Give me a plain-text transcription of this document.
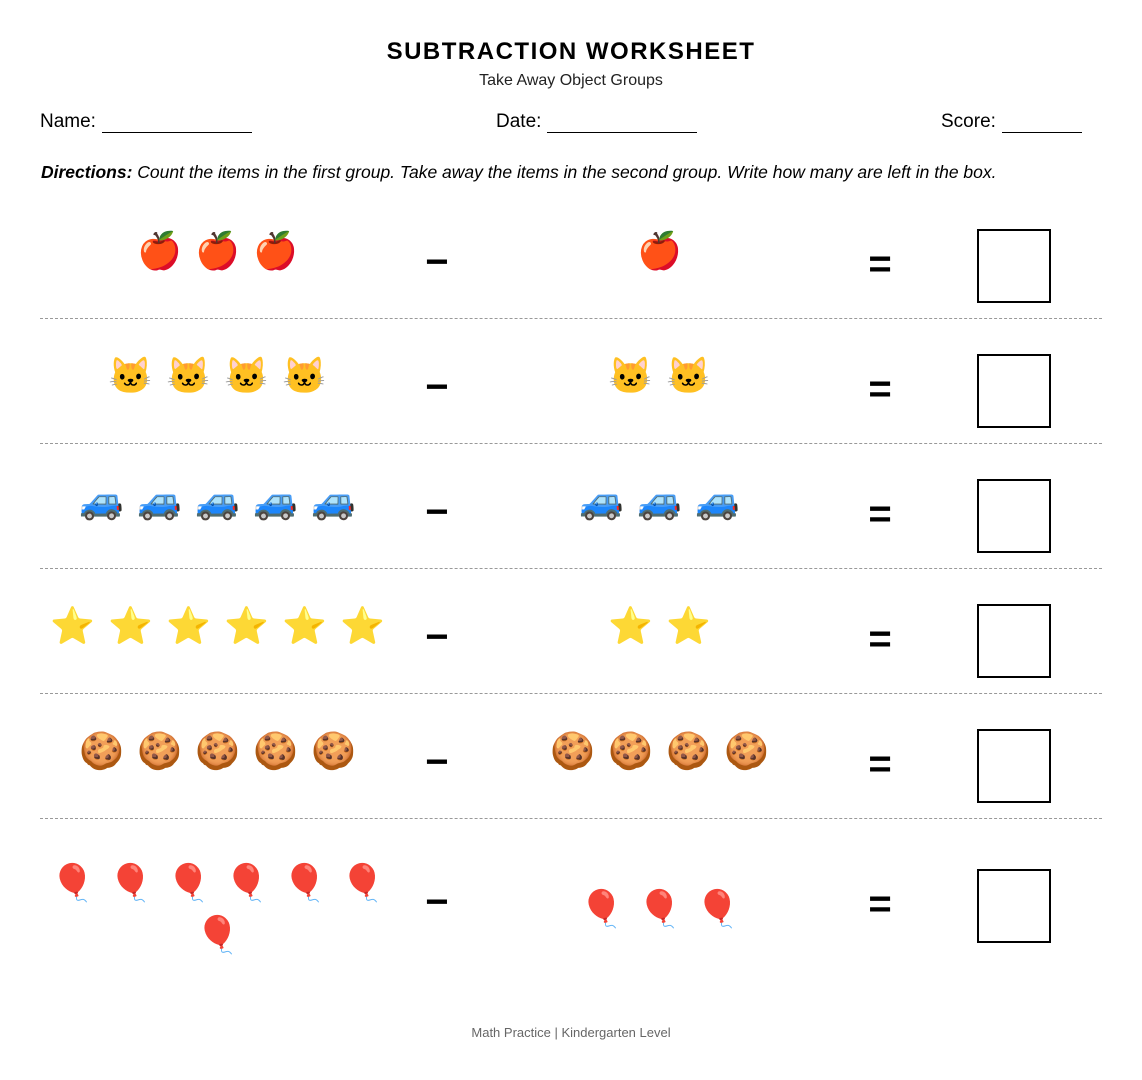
SUBTRACTION WORKSHEET
Take Away Object Groups
Name:	Date:	Score:
Directions: Count the items in the first group. Take away the items in the second group. Write how many are left in the box.
🍎 🍎 🍎	−	🍎	=
🐱 🐱 🐱 🐱 −	🐱 🐱	=
🚙 🚙 🚙 🚙 🚙 −	🚙 🚙 🚙	=
⭐ ⭐ ⭐ ⭐ ⭐ ⭐ −	⭐ ⭐	=
🍪 🍪 🍪 🍪 🍪 −	🍪 🍪 🍪 🍪 =
🎈 🎈 🎈 🎈 🎈 🎈
🎈
−	🎈 🎈 🎈	=
Math Practice | Kindergarten Level
